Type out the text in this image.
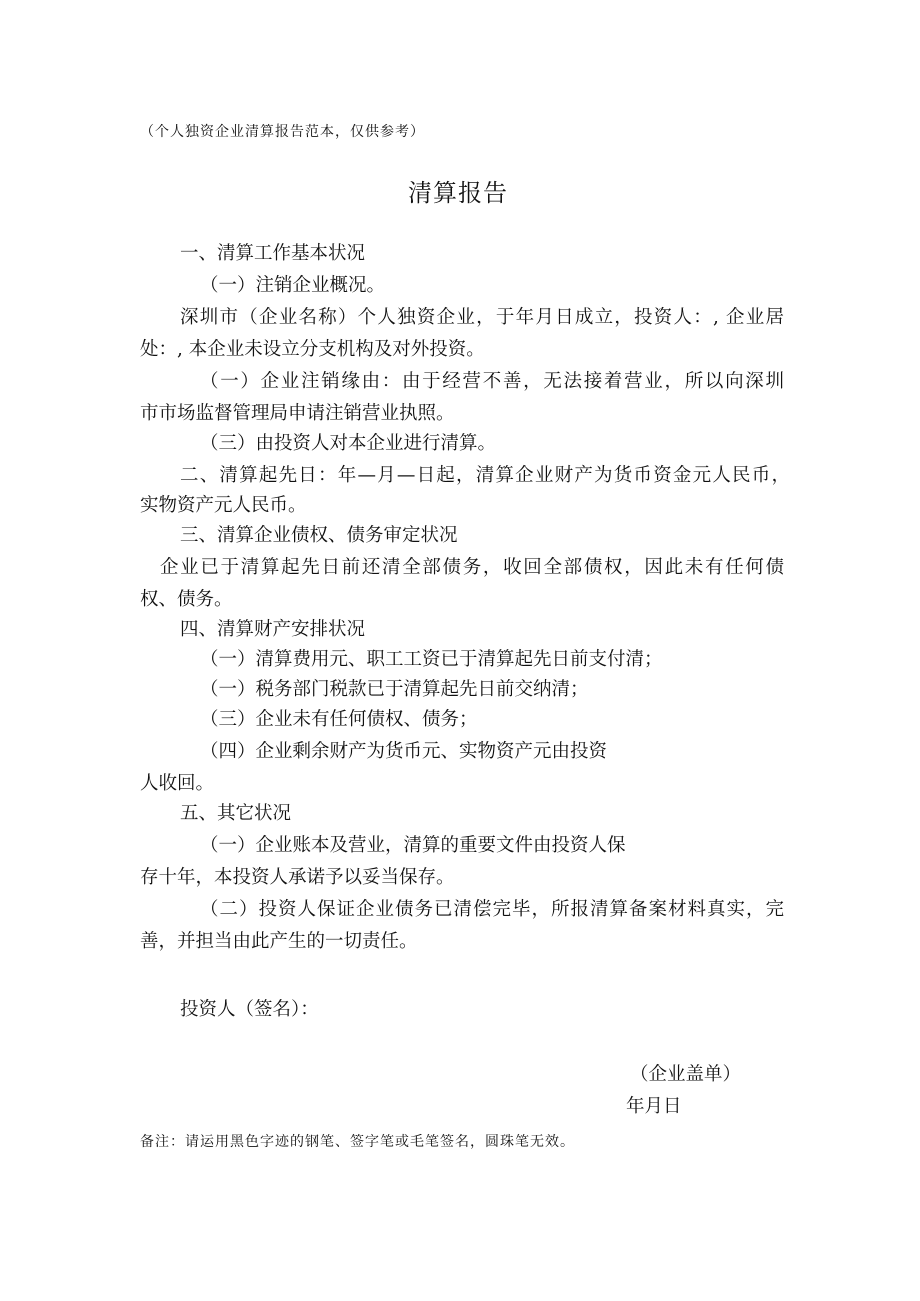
（个人独资企业清算报告范本，仅供参考）
清算报告
一、清算工作基本状况
（一）注销企业概况。
深圳市（企业名称）个人独资企业，于年月日成立，投资人：, 企业居
处：, 本企业未设立分支机构及对外投资。
（一）企业注销缘由：由于经营不善，无法接着营业，所以向深圳
市市场监督管理局申请注销营业执照。
（三）由投资人对本企业进行清算。
二、清算起先日：年—月—日起，清算企业财产为货币资金元人民币，
实物资产元人民币。
三、清算企业债权、债务审定状况
企业已于清算起先日前还清全部债务，收回全部债权，因此未有任何债
权、债务。
四、清算财产安排状况
（一）清算费用元、职工工资已于清算起先日前支付清；
（一）税务部门税款已于清算起先日前交纳清；
（三）企业未有任何债权、债务；
（四）企业剩余财产为货币元、实物资产元由投资
人收回。
五、其它状况
（一）企业账本及营业，清算的重要文件由投资人保
存十年，本投资人承诺予以妥当保存。
（二）投资人保证企业债务已清偿完毕，所报清算备案材料真实，完
善，并担当由此产生的一切责任。
投资人（签名）：
（企业盖单）
年月日
备注：请运用黑色字迹的钢笔、签字笔或毛笔签名，圆珠笔无效。
